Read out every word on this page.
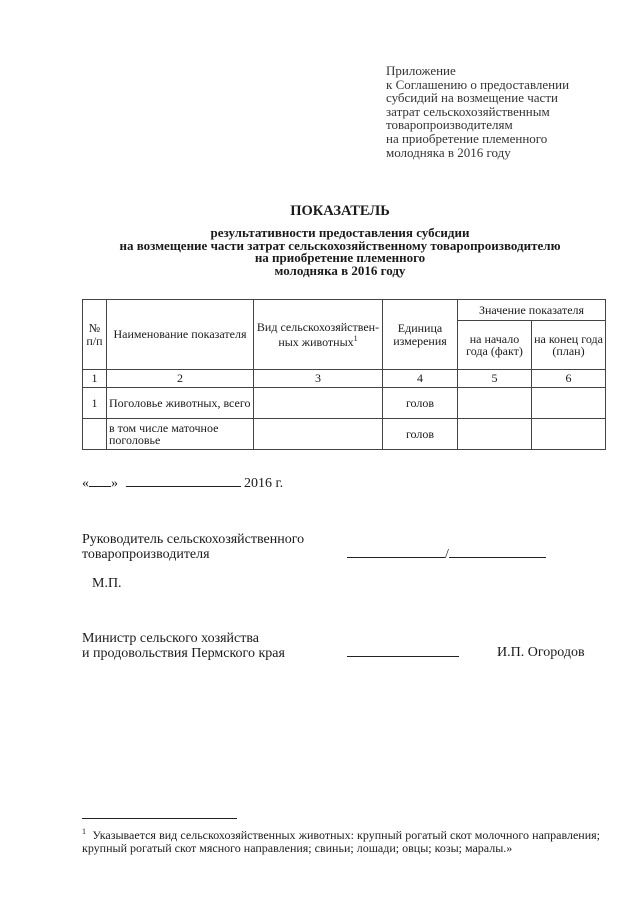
Приложение
к Соглашению о предоставлении
субсидий на возмещение части
затрат сельскохозяйственным
товаропроизводителям
на приобретение племенного
молодняка в 2016 году
ПОКАЗАТЕЛЬ
результативности предоставления субсидии
на возмещение части затрат сельскохозяйственному товаропроизводителю
на приобретение племенного
молодняка в 2016 году
№ п/п	Наименование показателя	Вид сельскохозяйствен-ных животных$^1$	Единица измерения	Значение показателя	
				на начало года (факт)	на конец года (план)
1	2	3	4	5	6
1	Поголовье животных, всего		голов		
	в том числе маточное поголовье		голов		
« »	2016 г.
Руководитель сельскохозяйственного
товаропроизводителя	/
М.П.
Министр сельского хозяйства
и продовольствия Пермского края	И.П. Огородов
$^1$ Указывается вид сельскохозяйственных животных: крупный рогатый скот молочного направления; крупный рогатый скот мясного направления; свиньи; лошади; овцы; козы; маралы.»
